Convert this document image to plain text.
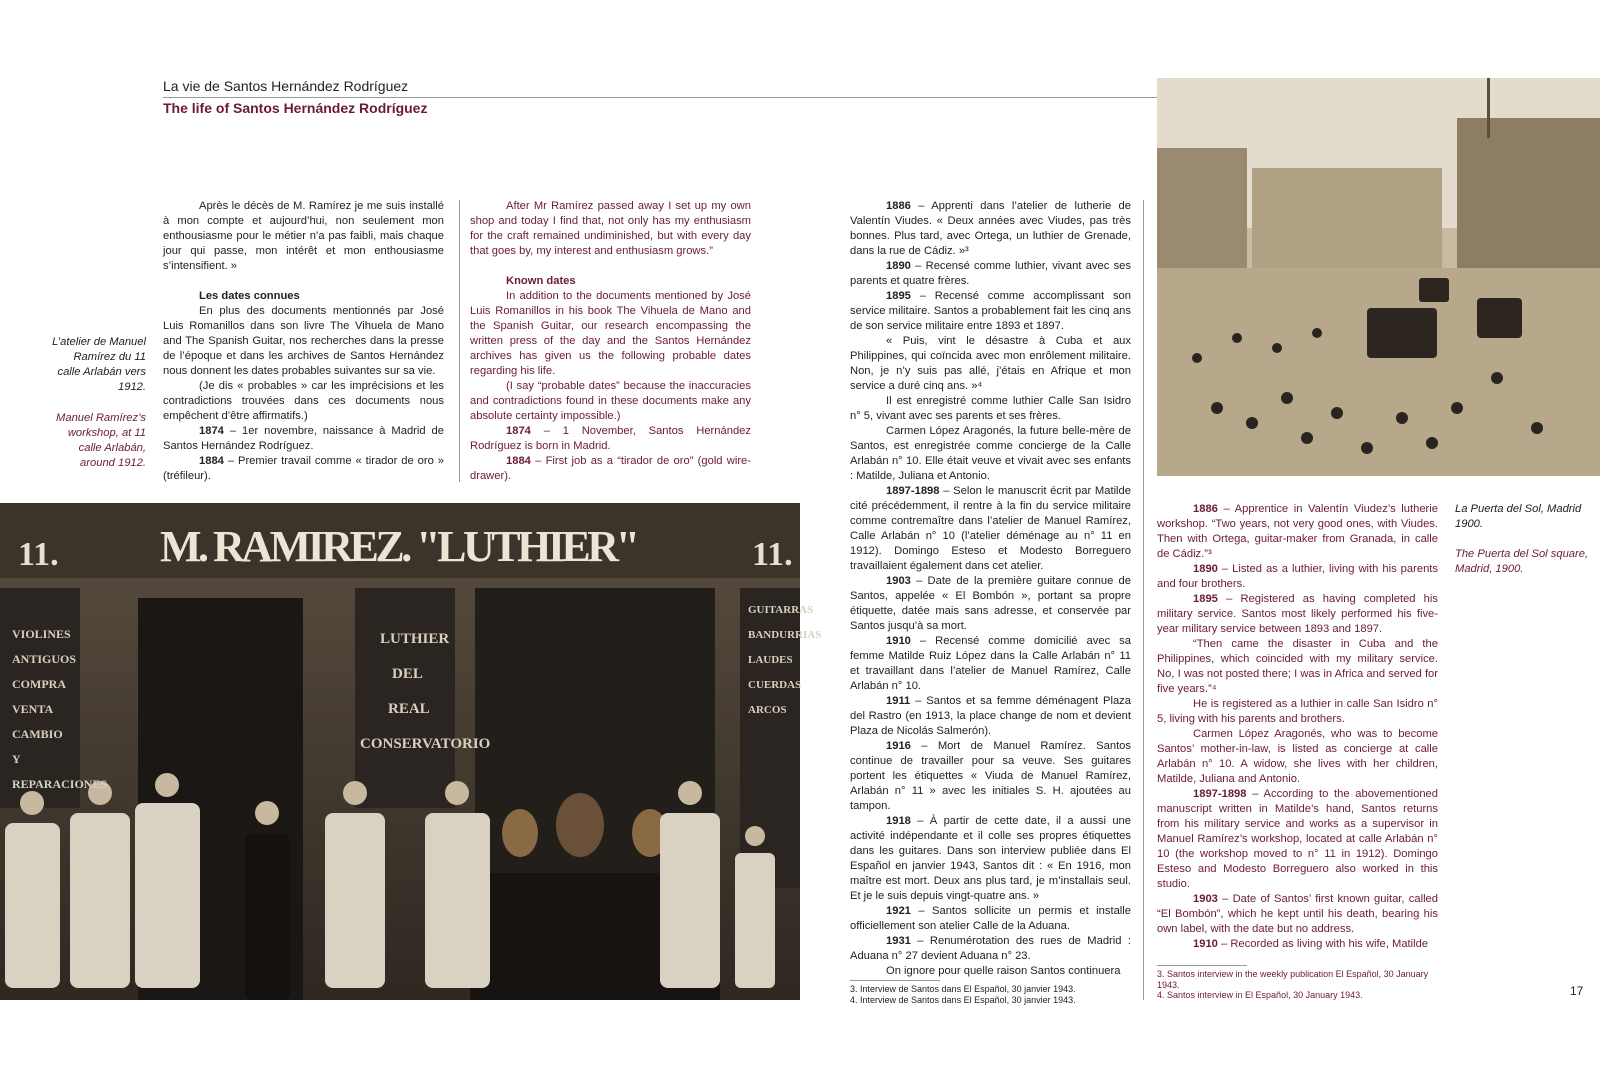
La vie de Santos Hernández Rodríguez
The life of Santos Hernández Rodríguez
L’atelier de Manuel Ramírez du 11 calle Arlabán vers 1912.
Manuel Ramírez’s workshop, at 11 calle Arlabán, around 1912.

Après le décès de M. Ramírez je me suis installé à mon compte et aujourd’hui, non seulement mon enthousiasme pour le métier n’a pas faibli, mais chaque jour qui passe, mon intérêt et mon enthousiasme s’intensifient. »

Les dates connues

En plus des documents mentionnés par José Luis Romanillos dans son livre The Vihuela de Mano and The Spanish Guitar, nos recherches dans la presse de l’époque et dans les archives de Santos Hernández nous donnent les dates probables suivantes sur sa vie.

(Je dis « probables » car les imprécisions et les contradictions trouvées dans ces documents nous empêchent d’être affirmatifs.)

1874 – 1er novembre, naissance à Madrid de Santos Hernández Rodríguez.

1884 – Premier travail comme « tirador de oro » (tréfileur).

After Mr Ramírez passed away I set up my own shop and today I find that, not only has my enthusiasm for the craft remained undiminished, but with every day that goes by, my interest and enthusiasm grows.”

Known dates

In addition to the documents mentioned by José Luis Romanillos in his book The Vihuela de Mano and the Spanish Guitar, our research encompassing the written press of the day and the Santos Hernández archives has given us the following probable dates regarding his life.

(I say “probable dates” because the inaccuracies and contradictions found in these documents make any absolute certainty impossible.)

1874 – 1 November, Santos Hernández Rodríguez is born in Madrid.

1884 – First job as a “tirador de oro” (gold wire-drawer).

11. M. RAMIREZ. "LUTHIER"	11.
VIOLINES ANTIGUOS COMPRA VENTA CAMBIO Y REPARACIONES
LUTHIER DEL REAL CONSERVATORIO
GUITARRAS BANDURRIAS LAUDES CUERDAS ARCOS

1886 – Apprenti dans l’atelier de lutherie de Valentín Viudes. « Deux années avec Viudes, pas très bonnes. Plus tard, avec Ortega, un luthier de Grenade, dans la rue de Cádiz. »³

1890 – Recensé comme luthier, vivant avec ses parents et quatre frères.

1895 – Recensé comme accomplissant son service militaire. Santos a probablement fait les cinq ans de son service militaire entre 1893 et 1897.

« Puis, vint le désastre à Cuba et aux Philippines, qui coïncida avec mon enrôlement militaire. Non, je n’y suis pas allé, j’étais en Afrique et mon service a duré cinq ans. »⁴

Il est enregistré comme luthier Calle San Isidro n° 5, vivant avec ses parents et ses frères.

Carmen López Aragonés, la future belle-mère de Santos, est enregistrée comme concierge de la Calle Arlabán n° 10. Elle était veuve et vivait avec ses enfants : Matilde, Juliana et Antonio.

1897-1898 – Selon le manuscrit écrit par Matilde cité précédemment, il rentre à la fin du service militaire comme contremaître dans l’atelier de Manuel Ramírez, Calle Arlabán n° 10 (l’atelier déménage au n° 11 en 1912). Domingo Esteso et Modesto Borreguero travaillaient également dans cet atelier.

1903 – Date de la première guitare connue de Santos, appelée « El Bombón », portant sa propre étiquette, datée mais sans adresse, et conservée par Santos jusqu’à sa mort.

1910 – Recensé comme domicilié avec sa femme Matilde Ruiz López dans la Calle Arlabán n° 11 et travaillant dans l’atelier de Manuel Ramírez, Calle Arlabán n° 10.

1911 – Santos et sa femme déménagent Plaza del Rastro (en 1913, la place change de nom et devient Plaza de Nicolás Salmerón).

1916 – Mort de Manuel Ramírez. Santos continue de travailler pour sa veuve. Ses guitares portent les étiquettes « Viuda de Manuel Ramírez, Arlabán n° 11 » avec les initiales S. H. ajoutées au tampon.

1918 – À partir de cette date, il a aussi une activité indépendante et il colle ses propres étiquettes dans les guitares. Dans son interview publiée dans El Español en janvier 1943, Santos dit : « En 1916, mon maître est mort. Deux ans plus tard, je m’installais seul. Et je le suis depuis vingt-quatre ans. »

1921 – Santos sollicite un permis et installe officiellement son atelier Calle de la Aduana.

1931 – Renumérotation des rues de Madrid : Aduana n° 27 devient Aduana n° 23.

On ignore pour quelle raison Santos continuera

3. Interview de Santos dans El Español, 30 janvier 1943.
4. Interview de Santos dans El Español, 30 janvier 1943.
La Puerta del Sol, Madrid 1900.
The Puerta del Sol square, Madrid, 1900.

1886 – Apprentice in Valentín Viudez’s lutherie workshop. “Two years, not very good ones, with Viudes. Then with Ortega, guitar-maker from Granada, in calle de Cádiz.”³

1890 – Listed as a luthier, living with his parents and four brothers.

1895 – Registered as having completed his military service. Santos most likely performed his five-year military service between 1893 and 1897.

“Then came the disaster in Cuba and the Philippines, which coincided with my military service. No, I was not posted there; I was in Africa and served for five years.”⁴

He is registered as a luthier in calle San Isidro n° 5, living with his parents and brothers.

Carmen López Aragonés, who was to become Santos’ mother-in-law, is listed as concierge at calle Arlabán n° 10. A widow, she lives with her children, Matilde, Juliana and Antonio.

1897-1898 – According to the abovementioned manuscript written in Matilde’s hand, Santos returns from his military service and works as a supervisor in Manuel Ramírez’s workshop, located at calle Arlabán n° 10 (the workshop moved to n° 11 in 1912). Domingo Esteso and Modesto Borreguero also worked in this studio.

1903 – Date of Santos’ first known guitar, called “El Bombón”, which he kept until his death, bearing his own label, with the date but no address.

1910 – Recorded as living with his wife, Matilde

3. Santos interview in the weekly publication El Español, 30 January 1943.
4. Santos interview in El Español, 30 January 1943.	17
